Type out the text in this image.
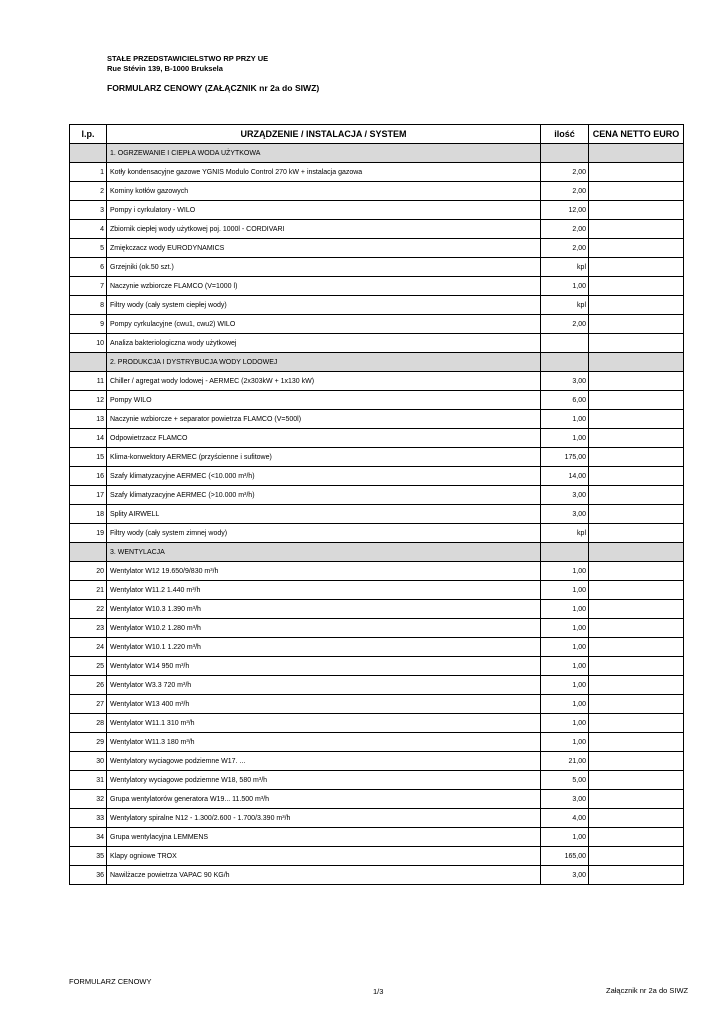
STAŁE PRZEDSTAWICIELSTWO RP PRZY UE
Rue Stévin 139, B-1000 Bruksela
FORMULARZ CENOWY (ZAŁĄCZNIK nr 2a do SIWZ)
l.p.	URZĄDZENIE / INSTALACJA / SYSTEM	ilość	CENA NETTO EURO
	1. OGRZEWANIE I CIEPŁA WODA UŻYTKOWA		
1	Kotły kondensacyjne gazowe YGNIS Modulo Control 270 kW + instalacja gazowa	2,00	
2	Kominy kotłów gazowych	2,00	
3	Pompy i cyrkulatory - WILO	12,00	
4	Zbiornik ciepłej wody użytkowej poj. 1000l - CORDIVARI	2,00	
5	Zmiękczacz wody EURODYNAMICS	2,00	
6	Grzejniki (ok.50 szt.)	kpl	
7	Naczynie wzbiorcze FLAMCO (V=1000 l)	1,00	
8	Filtry wody (cały system ciepłej wody)	kpl	
9	Pompy cyrkulacyjne (cwu1, cwu2) WILO	2,00	
10	Analiza bakteriologiczna wody użytkowej		
	2. PRODUKCJA I DYSTRYBUCJA WODY LODOWEJ		
11	Chiller / agregat wody lodowej - AERMEC (2x303kW + 1x130 kW)	3,00	
12	Pompy WILO	6,00	
13	Naczynie wzbiorcze + separator powietrza FLAMCO (V=500l)	1,00	
14	Odpowietrzacz FLAMCO	1,00	
15	Klima-konwektory AERMEC (przyścienne i sufitowe)	175,00	
16	Szafy klimatyzacyjne AERMEC (<10.000 m³/h)	14,00	
17	Szafy klimatyzacyjne AERMEC (>10.000 m³/h)	3,00	
18	Splity AIRWELL	3,00	
19	Filtry wody (cały system zimnej wody)	kpl	
	3. WENTYLACJA		
20	Wentylator W12 19.650/9/830 m³/h	1,00	
21	Wentylator W11.2 1.440 m³/h	1,00	
22	Wentylator W10.3 1.390 m³/h	1,00	
23	Wentylator W10.2 1.280 m³/h	1,00	
24	Wentylator W10.1 1.220 m³/h	1,00	
25	Wentylator W14 950 m³/h	1,00	
26	Wentylator W3.3 720 m³/h	1,00	
27	Wentylator W13 400 m³/h	1,00	
28	Wentylator W11.1 310 m³/h	1,00	
29	Wentylator W11.3 180 m³/h	1,00	
30	Wentylatory wyciagowe podziemne W17. ...	21,00	
31	Wentylatory wyciagowe podziemne W18, 580 m³/h	5,00	
32	Grupa wentylatorów generatora W19... 11.500 m³/h	3,00	
33	Wentylatory spiralne N12 - 1.300/2.600 - 1.700/3.390 m³/h	4,00	
34	Grupa wentylacyjna LEMMENS	1,00	
35	Klapy ogniowe TROX	165,00	
36	Nawilżacze powietrza VAPAC 90 KG/h	3,00	
FORMULARZ CENOWY
1/3	Załącznik nr 2a do SIWZ
